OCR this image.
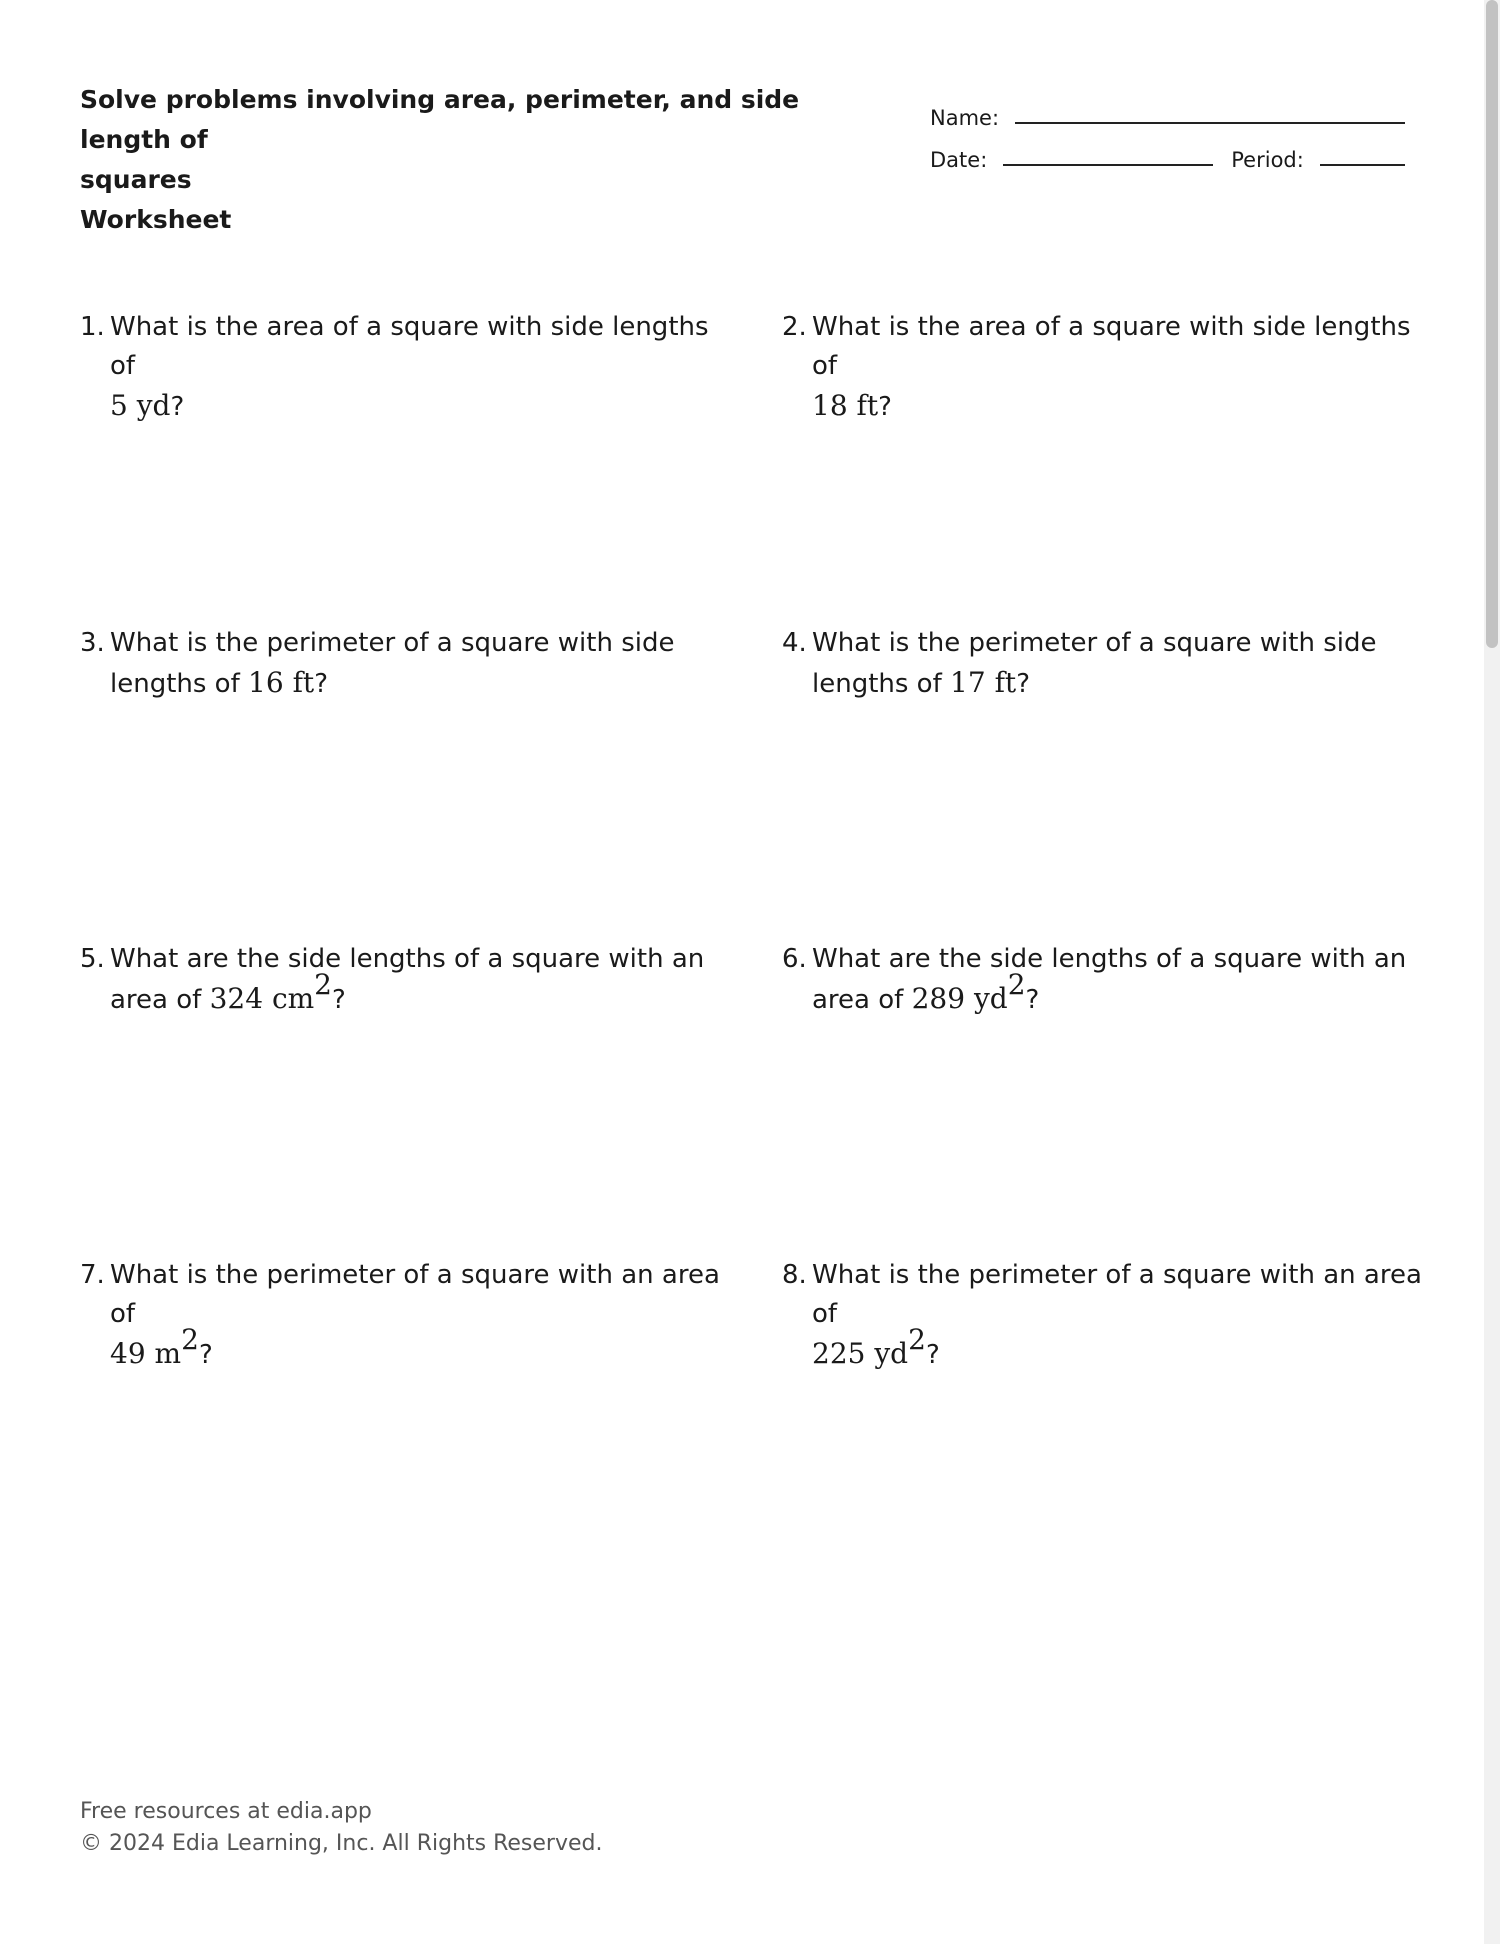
Solve problems involving area, perimeter, and side length of
squares
Worksheet
Name:
Date:	Period:
1. What is the area of a square with side lengths of
5 yd?
2. What is the area of a square with side lengths of
18 ft?
3. What is the perimeter of a square with side
lengths of 16 ft?
4. What is the perimeter of a square with side
lengths of 17 ft?
5. What are the side lengths of a square with an
area of 324 $cm^2$?
6. What are the side lengths of a square with an
area of 289 $yd^2$?
7. What is the perimeter of a square with an area of
49 $m^2$?
8. What is the perimeter of a square with an area of
225 $yd^2$?
Free resources at edia.app
© 2024 Edia Learning, Inc. All Rights Reserved.
